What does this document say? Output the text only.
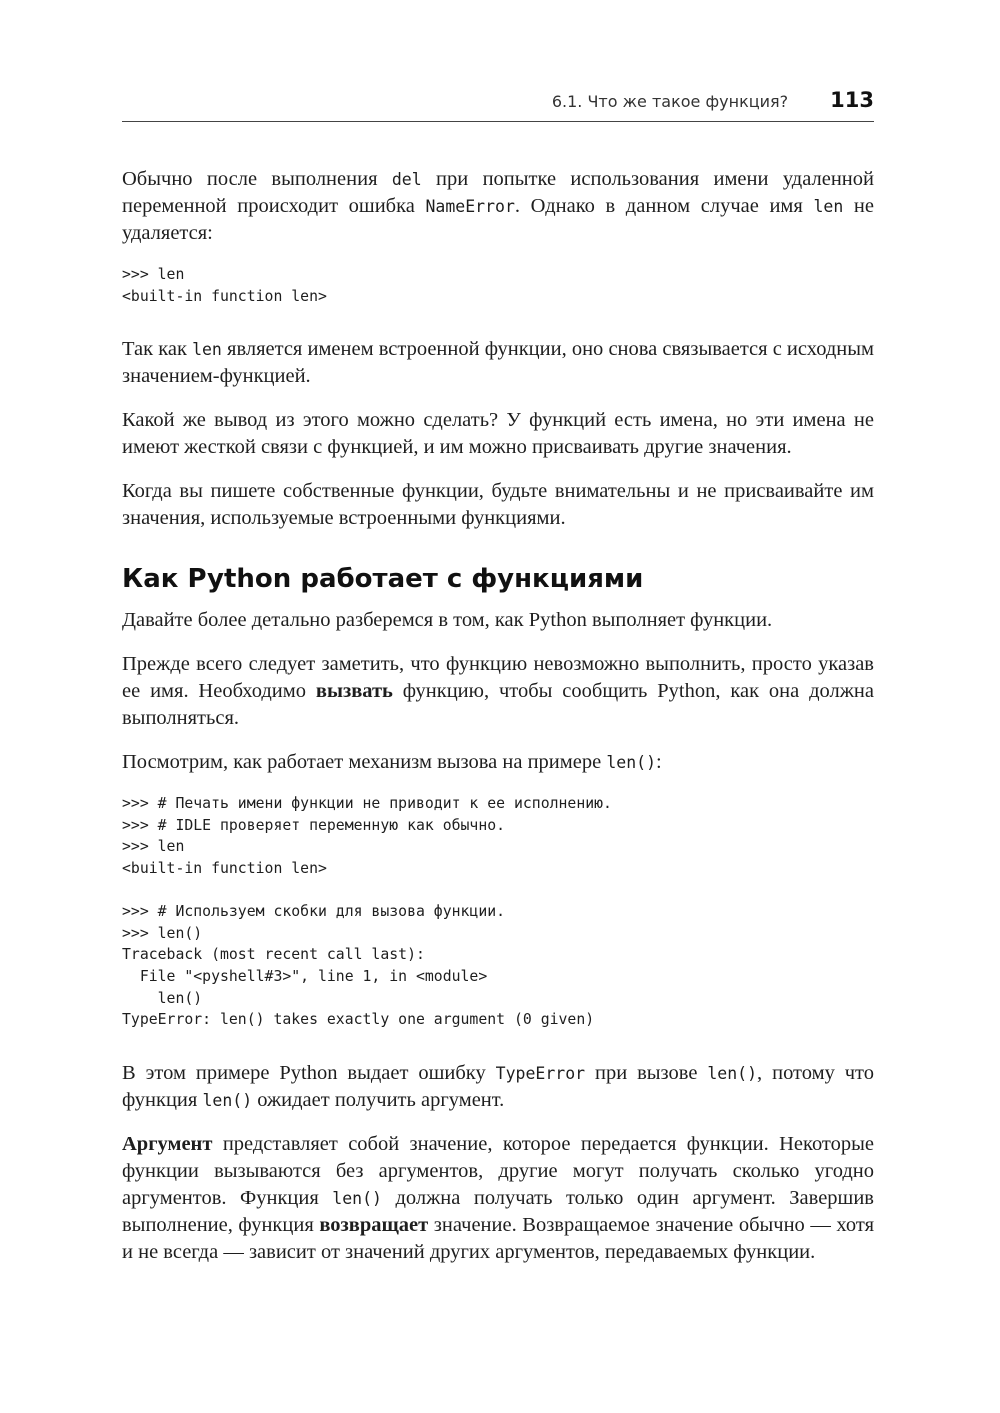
6.1. Что же такое функция? 113

Обычно после выполнения del при попытке использования имени удаленной переменной происходит ошибка NameError. Однако в данном случае имя len не удаляется:

>>> len
<built-in function len>

Так как len является именем встроенной функции, оно снова связывается с исходным значением-функцией.

Какой же вывод из этого можно сделать? У функций есть имена, но эти имена не имеют жесткой связи с функцией, и им можно присваивать другие значения.

Когда вы пишете собственные функции, будьте внимательны и не присваивайте им значения, используемые встроенными функциями.

Как Python работает с функциями

Давайте более детально разберемся в том, как Python выполняет функции.

Прежде всего следует заметить, что функцию невозможно выполнить, просто указав ее имя. Необходимо вызвать функцию, чтобы сообщить Python, как она должна выполняться.

Посмотрим, как работает механизм вызова на примере len():

>>> # Печать имени функции не приводит к ее исполнению.
>>> # IDLE проверяет переменную как обычно.
>>> len
<built-in function len>

>>> # Используем скобки для вызова функции.
>>> len()
Traceback (most recent call last):
File "<pyshell#3>", line 1, in <module>
len()
TypeError: len() takes exactly one argument (0 given)

В этом примере Python выдает ошибку TypeError при вызове len(), потому что функция len() ожидает получить аргумент.

Аргумент представляет собой значение, которое передается функции. Некоторые функции вызываются без аргументов, другие могут получать сколько угодно аргументов. Функция len() должна получать только один аргумент. Завершив выполнение, функция возвращает значение. Возвращаемое значение обычно — хотя и не всегда — зависит от значений других аргументов, передаваемых функции.
